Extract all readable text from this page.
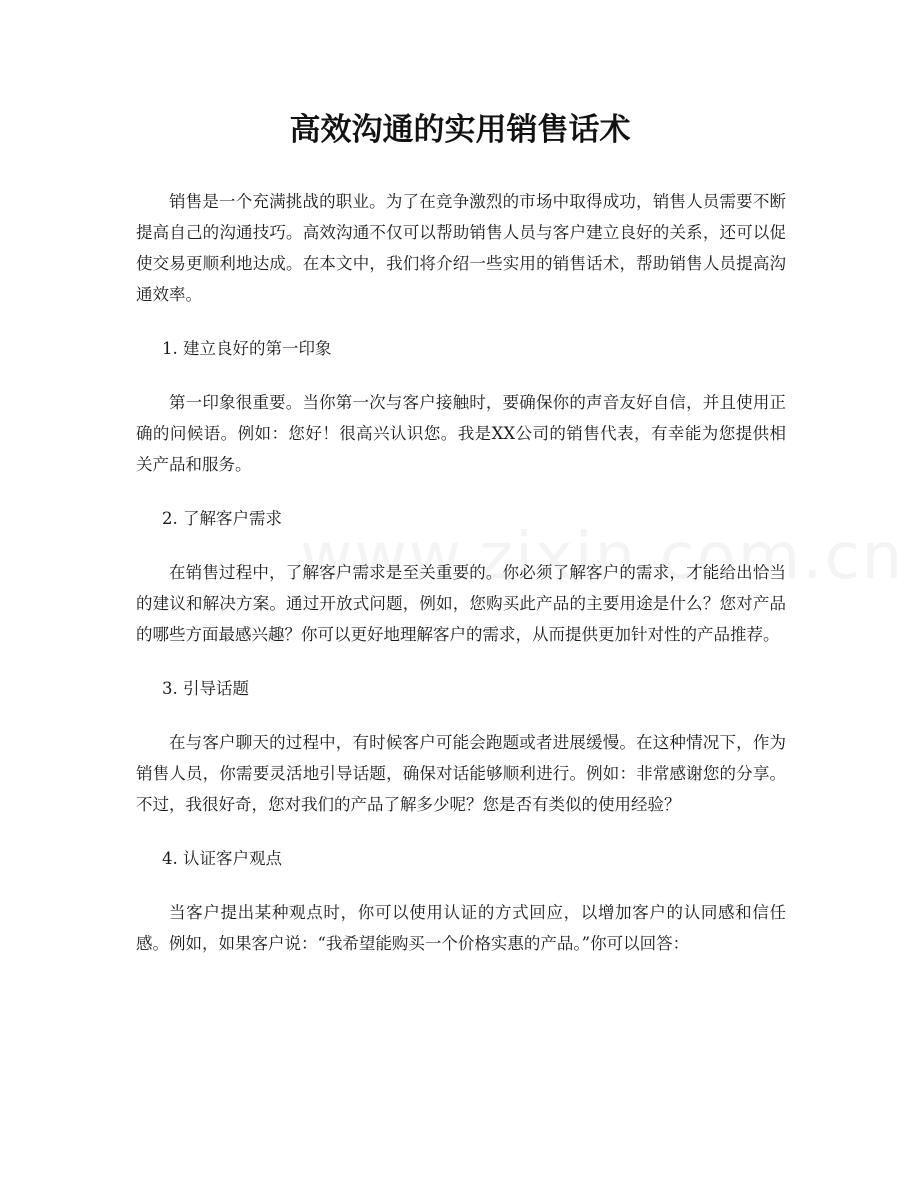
高效沟通的实用销售话术

销售是一个充满挑战的职业。为了在竞争激烈的市场中取得成功，销售人员需要不断提高自己的沟通技巧。高效沟通不仅可以帮助销售人员与客户建立良好的关系，还可以促使交易更顺利地达成。在本文中，我们将介绍一些实用的销售话术，帮助销售人员提高沟通效率。

1. 建立良好的第一印象

第一印象很重要。当你第一次与客户接触时，要确保你的声音友好自信，并且使用正确的问候语。例如：您好！很高兴认识您。我是XX公司的销售代表，有幸能为您提供相关产品和服务。

2. 了解客户需求

在销售过程中，了解客户需求是至关重要的。你必须了解客户的需求，才能给出恰当的建议和解决方案。通过开放式问题，例如，您购买此产品的主要用途是什么？您对产品的哪些方面最感兴趣？你可以更好地理解客户的需求，从而提供更加针对性的产品推荐。

3. 引导话题

在与客户聊天的过程中，有时候客户可能会跑题或者进展缓慢。在这种情况下，作为销售人员，你需要灵活地引导话题，确保对话能够顺利进行。例如：非常感谢您的分享。不过，我很好奇，您对我们的产品了解多少呢？您是否有类似的使用经验？

4. 认证客户观点

当客户提出某种观点时，你可以使用认证的方式回应，以增加客户的认同感和信任感。例如，如果客户说：“我希望能购买一个价格实惠的产品。”你可以回答：
